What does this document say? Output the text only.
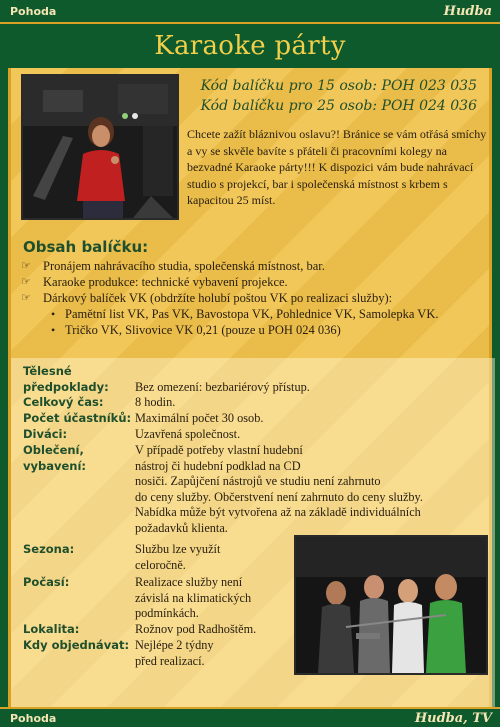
Pohoda	Hudba
Karaoke párty
Kód balíčku pro 15 osob: POH 023 035
Kód balíčku pro 25 osob: POH 024 036
Chcete zažít bláznivou oslavu?! Bránice se vám otřásá smíchy a vy se skvěle bavíte s přáteli či pracovními kolegy na bezvadné Karaoke párty!!! K dispozici vám bude nahrávací studio s projekcí, bar i společenská místnost s krbem s kapacitou 25 míst.
Obsah balíčku:
☞ Pronájem nahrávacího studia, společenská místnost, bar.
☞ Karaoke produkce: technické vybavení projekce.
☞ Dárkový balíček VK (obdržíte holubí poštou VK po realizaci služby):
• Pamětní list VK, Pas VK, Bavostopa VK, Pohlednice VK, Samolepka VK.
• Tričko VK, Slivovice VK 0,21 (pouze u POH 024 036)
Tělesné
předpoklady:	Bez omezení: bezbariérový přístup.
Celkový čas:	8 hodin.
Počet účastníků: Maximální počet 30 osob.
Diváci:	Uzavřená společnost.
Oblečení,
vybavení:
V případě potřeby vlastní hudební
nástroj či hudební podklad na CD
nosiči. Zapůjčení nástrojů ve studiu není zahrnuto
do ceny služby. Občerstvení není zahrnuto do ceny služby.
Nabídka může být vytvořena až na základě individuálních
požadavků klienta.
Sezona:	Službu lze využít
celoročně.
Počasí:	Realizace služby není
závislá na klimatických
podmínkách.
Lokalita:	Rožnov pod Radhoštěm.
Kdy objednávat: Nejlépe 2 týdny
před realizací.
Pohoda	Hudba, TV
